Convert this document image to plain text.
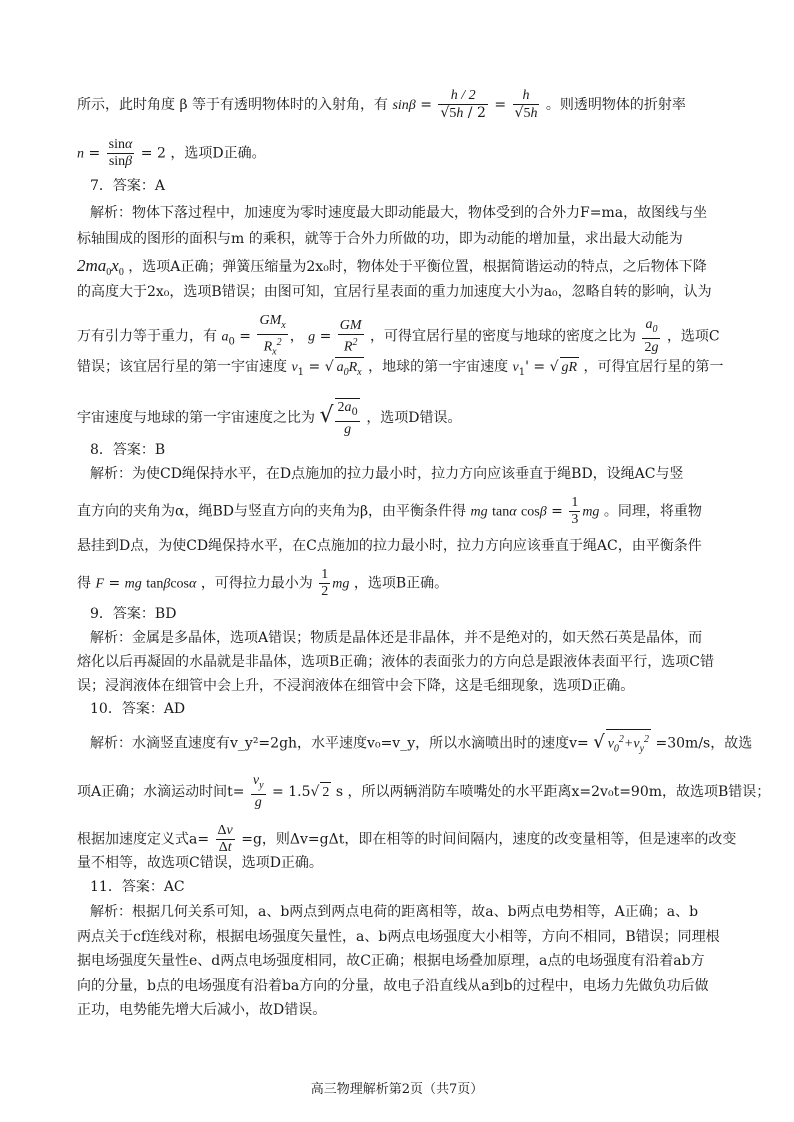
所示，此时角度 β 等于有透明物体时的入射角，有 $\sin\beta = \frac{h / 2}{√5h / 2} = \frac{h}{√5h}$ 。则透明物体的折射率
$n = \frac{\sin\alpha}{\sin\beta} = 2$ ，选项D正确。
7．答案：A
解析：物体下落过程中，加速度为零时速度最大即动能最大，物体受到的合外力F=ma，故图线与坐
标轴围成的图形的面积与m 的乘积，就等于合外力所做的功，即为动能的增加量，求出最大动能为
$2ma_0x_0$ ，选项A正确；弹簧压缩量为2x₀时，物体处于平衡位置，根据简谐运动的特点，之后物体下降
的高度大于2x₀，选项B错误；由图可知，宜居行星表面的重力加速度大小为a₀，忽略自转的影响，认为
万有引力等于重力，有 $a_0 = \frac{GM_x}{R_x^2}$ ， $g = \frac{GM}{R^2}$ ，可得宜居行星的密度与地球的密度之比为 $\frac{a_0}{2g}$ ，选项C
错误；该宜居行星的第一宇宙速度 $v_1$ = √ $a_0R_x$ ，地球的第一宇宙速度 $v_1'$ = √ gR ，可得宜居行星的第一
宇宙速度与地球的第一宇宙速度之比为 √ $\frac{2a_0}{g}$ ，选项D错误。
8．答案：B
解析：为使CD绳保持水平，在D点施加的拉力最小时，拉力方向应该垂直于绳BD，设绳AC与竖
直方向的夹角为α，绳BD与竖直方向的夹角为β，由平衡条件得 mg tanα $\cos\beta = \frac{1}{3}$ mg 。同理，将重物
悬挂到D点，为使CD绳保持水平，在C点施加的拉力最小时，拉力方向应该垂直于绳AC，由平衡条件
得 F = mg tanβcosα ，可得拉力最小为 $\frac{1}{2}$ mg ，选项B正确。
9．答案：BD
解析：金属是多晶体，选项A错误；物质是晶体还是非晶体，并不是绝对的，如天然石英是晶体，而
熔化以后再凝固的水晶就是非晶体，选项B正确；液体的表面张力的方向总是跟液体表面平行，选项C错
误；浸润液体在细管中会上升，不浸润液体在细管中会下降，这是毛细现象，选项D正确。
10．答案：AD
解析：水滴竖直速度有v_y²=2gh，水平速度v₀=v_y，所以水滴喷出时的速度v= √ $v_0^2+v_y^2 =30m/s$，故选
项A正确；水滴运动时间$t= \frac{v_y}{g} = 1.5√$ 2 s ，所以两辆消防车喷嘴处的水平距离x=2v₀t=90m，故选项B错误；
根据加速度定义式$a= \frac{\Delta v}{\Delta t} =g$，则Δv=gΔt，即在相等的时间间隔内，速度的改变量相等，但是速率的改变
量不相等，故选项C错误，选项D正确。
11．答案：AC
解析：根据几何关系可知，a、b两点到两点电荷的距离相等，故a、b两点电势相等，A正确；a、b
两点关于cf连线对称，根据电场强度矢量性，a、b两点电场强度大小相等，方向不相同，B错误；同理根
据电场强度矢量性e、d两点电场强度相同，故C正确；根据电场叠加原理，a点的电场强度有沿着ab方
向的分量，b点的电场强度有沿着ba方向的分量，故电子沿直线从a到b的过程中，电场力先做负功后做
正功，电势能先增大后减小，故D错误。
高三物理解析第2页（共7页）
